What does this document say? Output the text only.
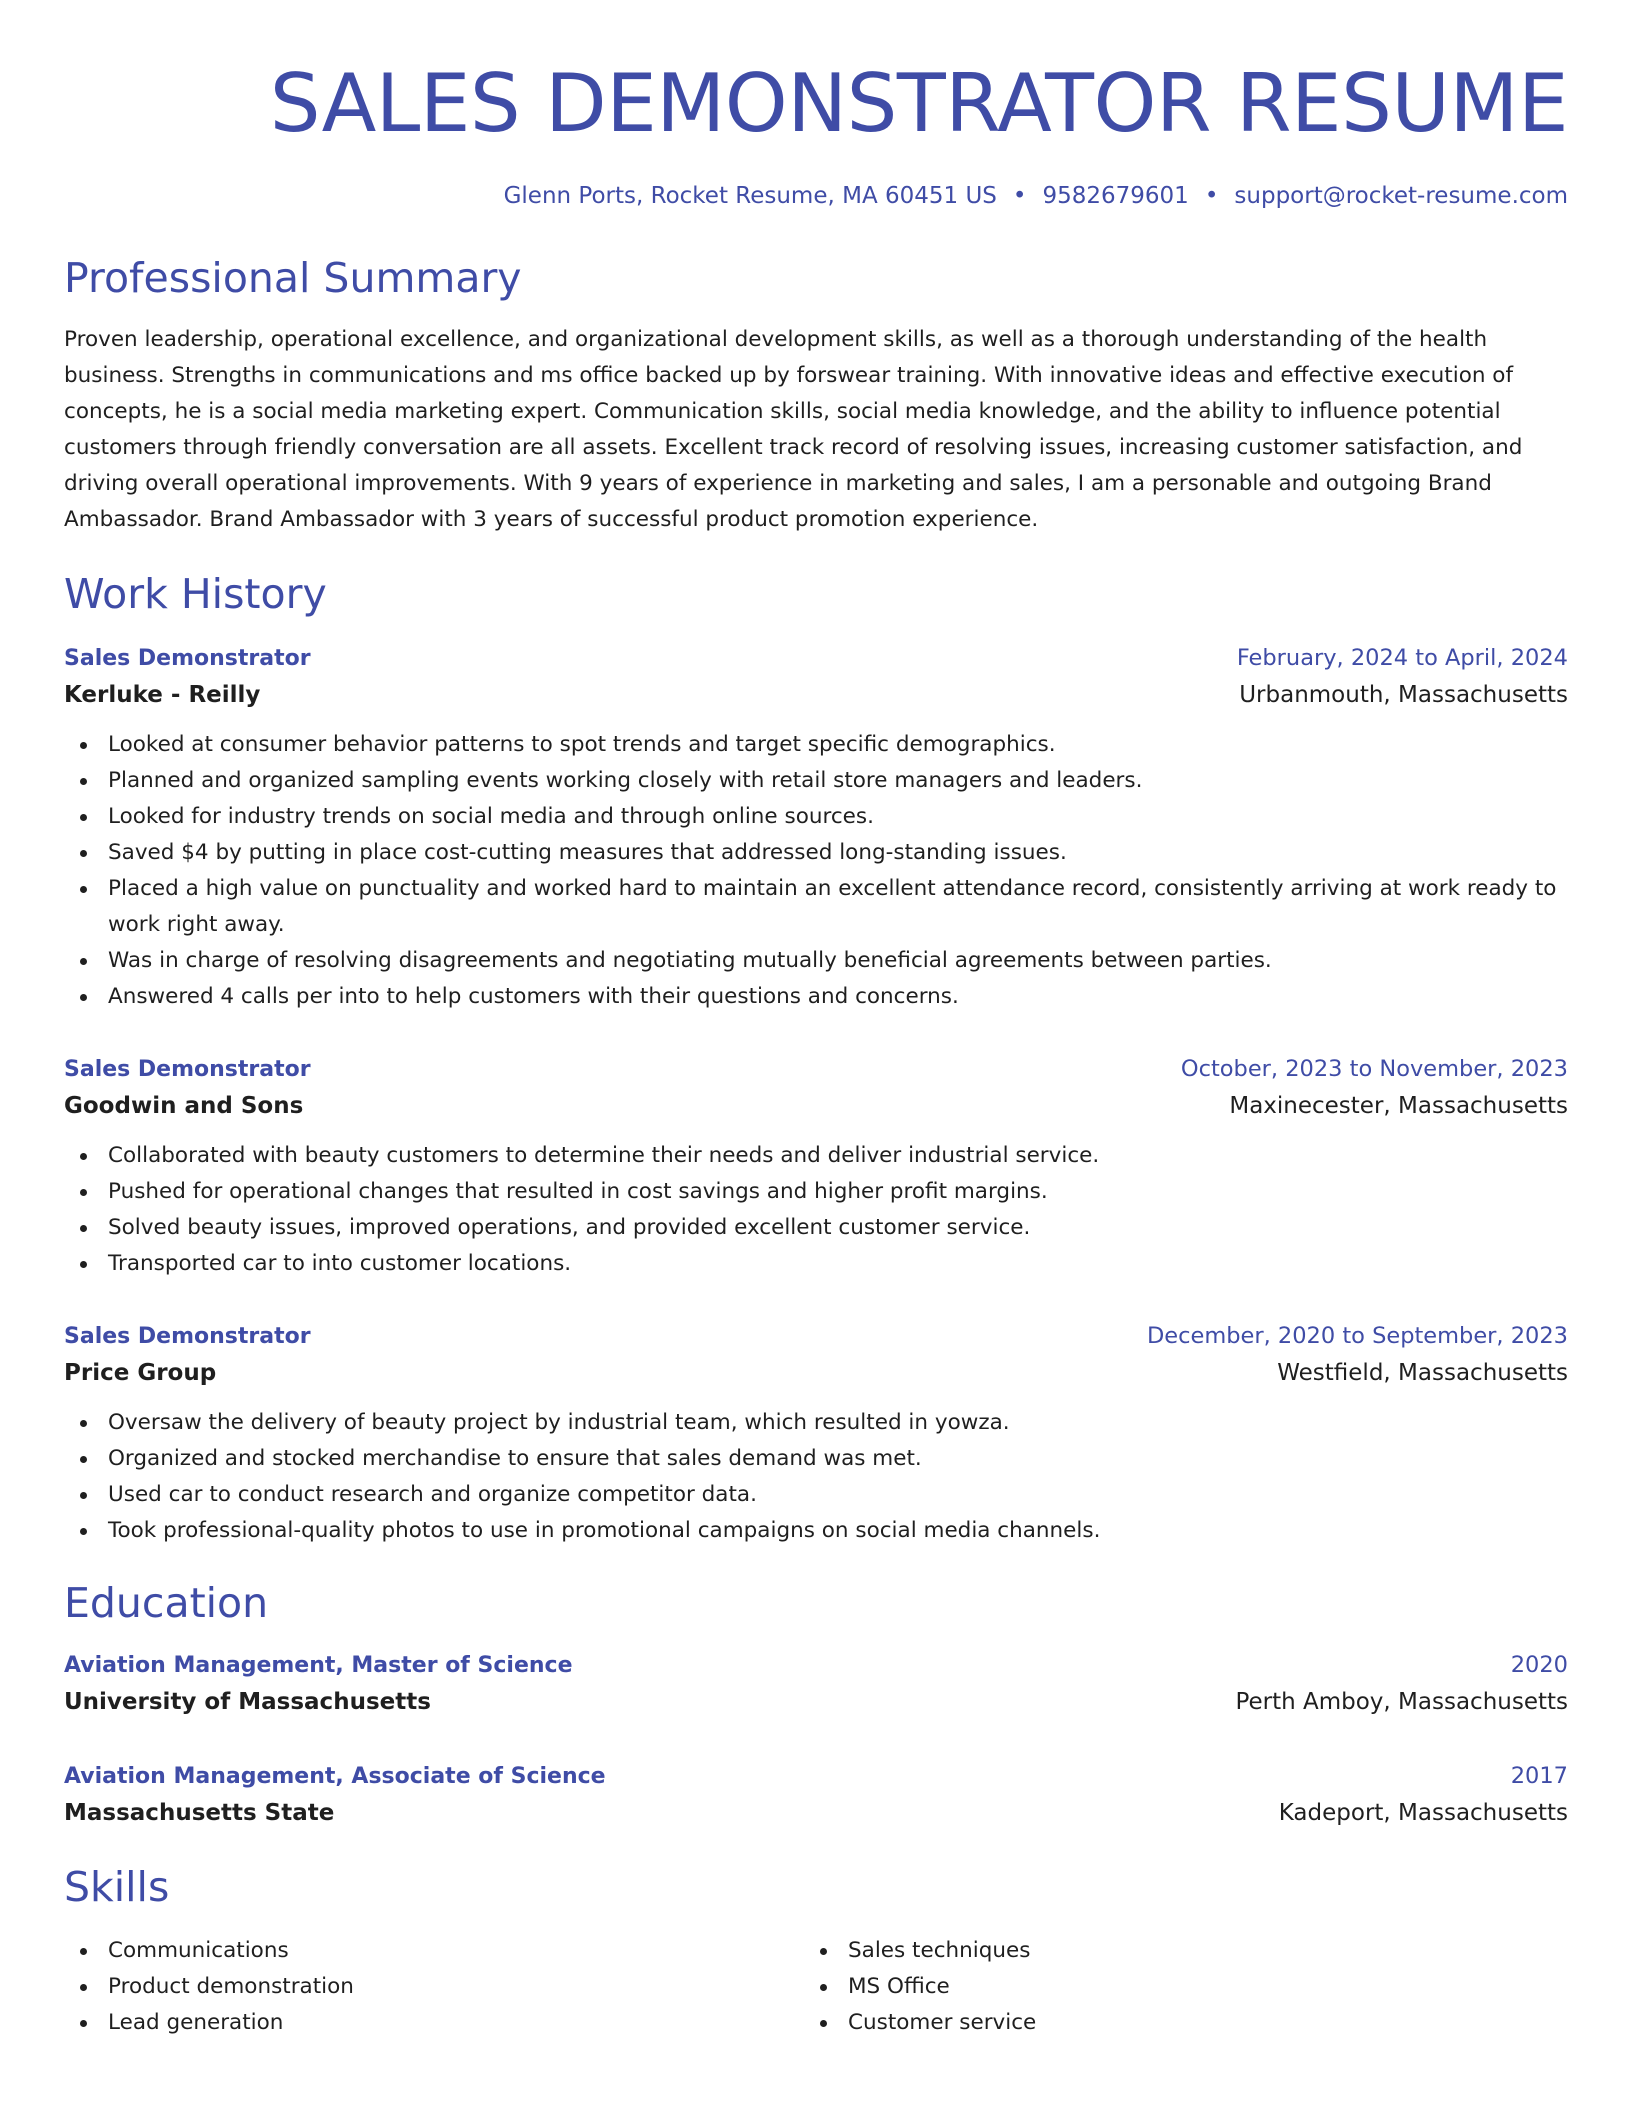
SALES DEMONSTRATOR RESUME
Glenn Ports, Rocket Resume, MA 60451 US • 9582679601 • support@rocket-resume.com
Professional Summary
Proven leadership, operational excellence, and organizational development skills, as well as a thorough understanding of the health business. Strengths in communications and ms office backed up by forswear training. With innovative ideas and effective execution of concepts, he is a social media marketing expert. Communication skills, social media knowledge, and the ability to influence potential customers through friendly conversation are all assets. Excellent track record of resolving issues, increasing customer satisfaction, and driving overall operational improvements. With 9 years of experience in marketing and sales, I am a personable and outgoing Brand Ambassador. Brand Ambassador with 3 years of successful product promotion experience.
Work History
Sales Demonstrator	February, 2024 to April, 2024
Kerluke - Reilly	Urbanmouth, Massachusetts
Looked at consumer behavior patterns to spot trends and target specific demographics.
Planned and organized sampling events working closely with retail store managers and leaders.
Looked for industry trends on social media and through online sources.
Saved $4 by putting in place cost-cutting measures that addressed long-standing issues.
Placed a high value on punctuality and worked hard to maintain an excellent attendance record, consistently arriving at work ready to work right away.
Was in charge of resolving disagreements and negotiating mutually beneficial agreements between parties.
Answered 4 calls per into to help customers with their questions and concerns.
Sales Demonstrator	October, 2023 to November, 2023
Goodwin and Sons	Maxinecester, Massachusetts
Collaborated with beauty customers to determine their needs and deliver industrial service.
Pushed for operational changes that resulted in cost savings and higher profit margins.
Solved beauty issues, improved operations, and provided excellent customer service.
Transported car to into customer locations.
Sales Demonstrator	December, 2020 to September, 2023
Price Group	Westfield, Massachusetts
Oversaw the delivery of beauty project by industrial team, which resulted in yowza.
Organized and stocked merchandise to ensure that sales demand was met.
Used car to conduct research and organize competitor data.
Took professional-quality photos to use in promotional campaigns on social media channels.
Education
Aviation Management, Master of Science	2020
University of Massachusetts	Perth Amboy, Massachusetts
Aviation Management, Associate of Science	2017
Massachusetts State	Kadeport, Massachusetts
Skills
Communications
Product demonstration
Lead generation
Sales techniques
MS Office
Customer service
